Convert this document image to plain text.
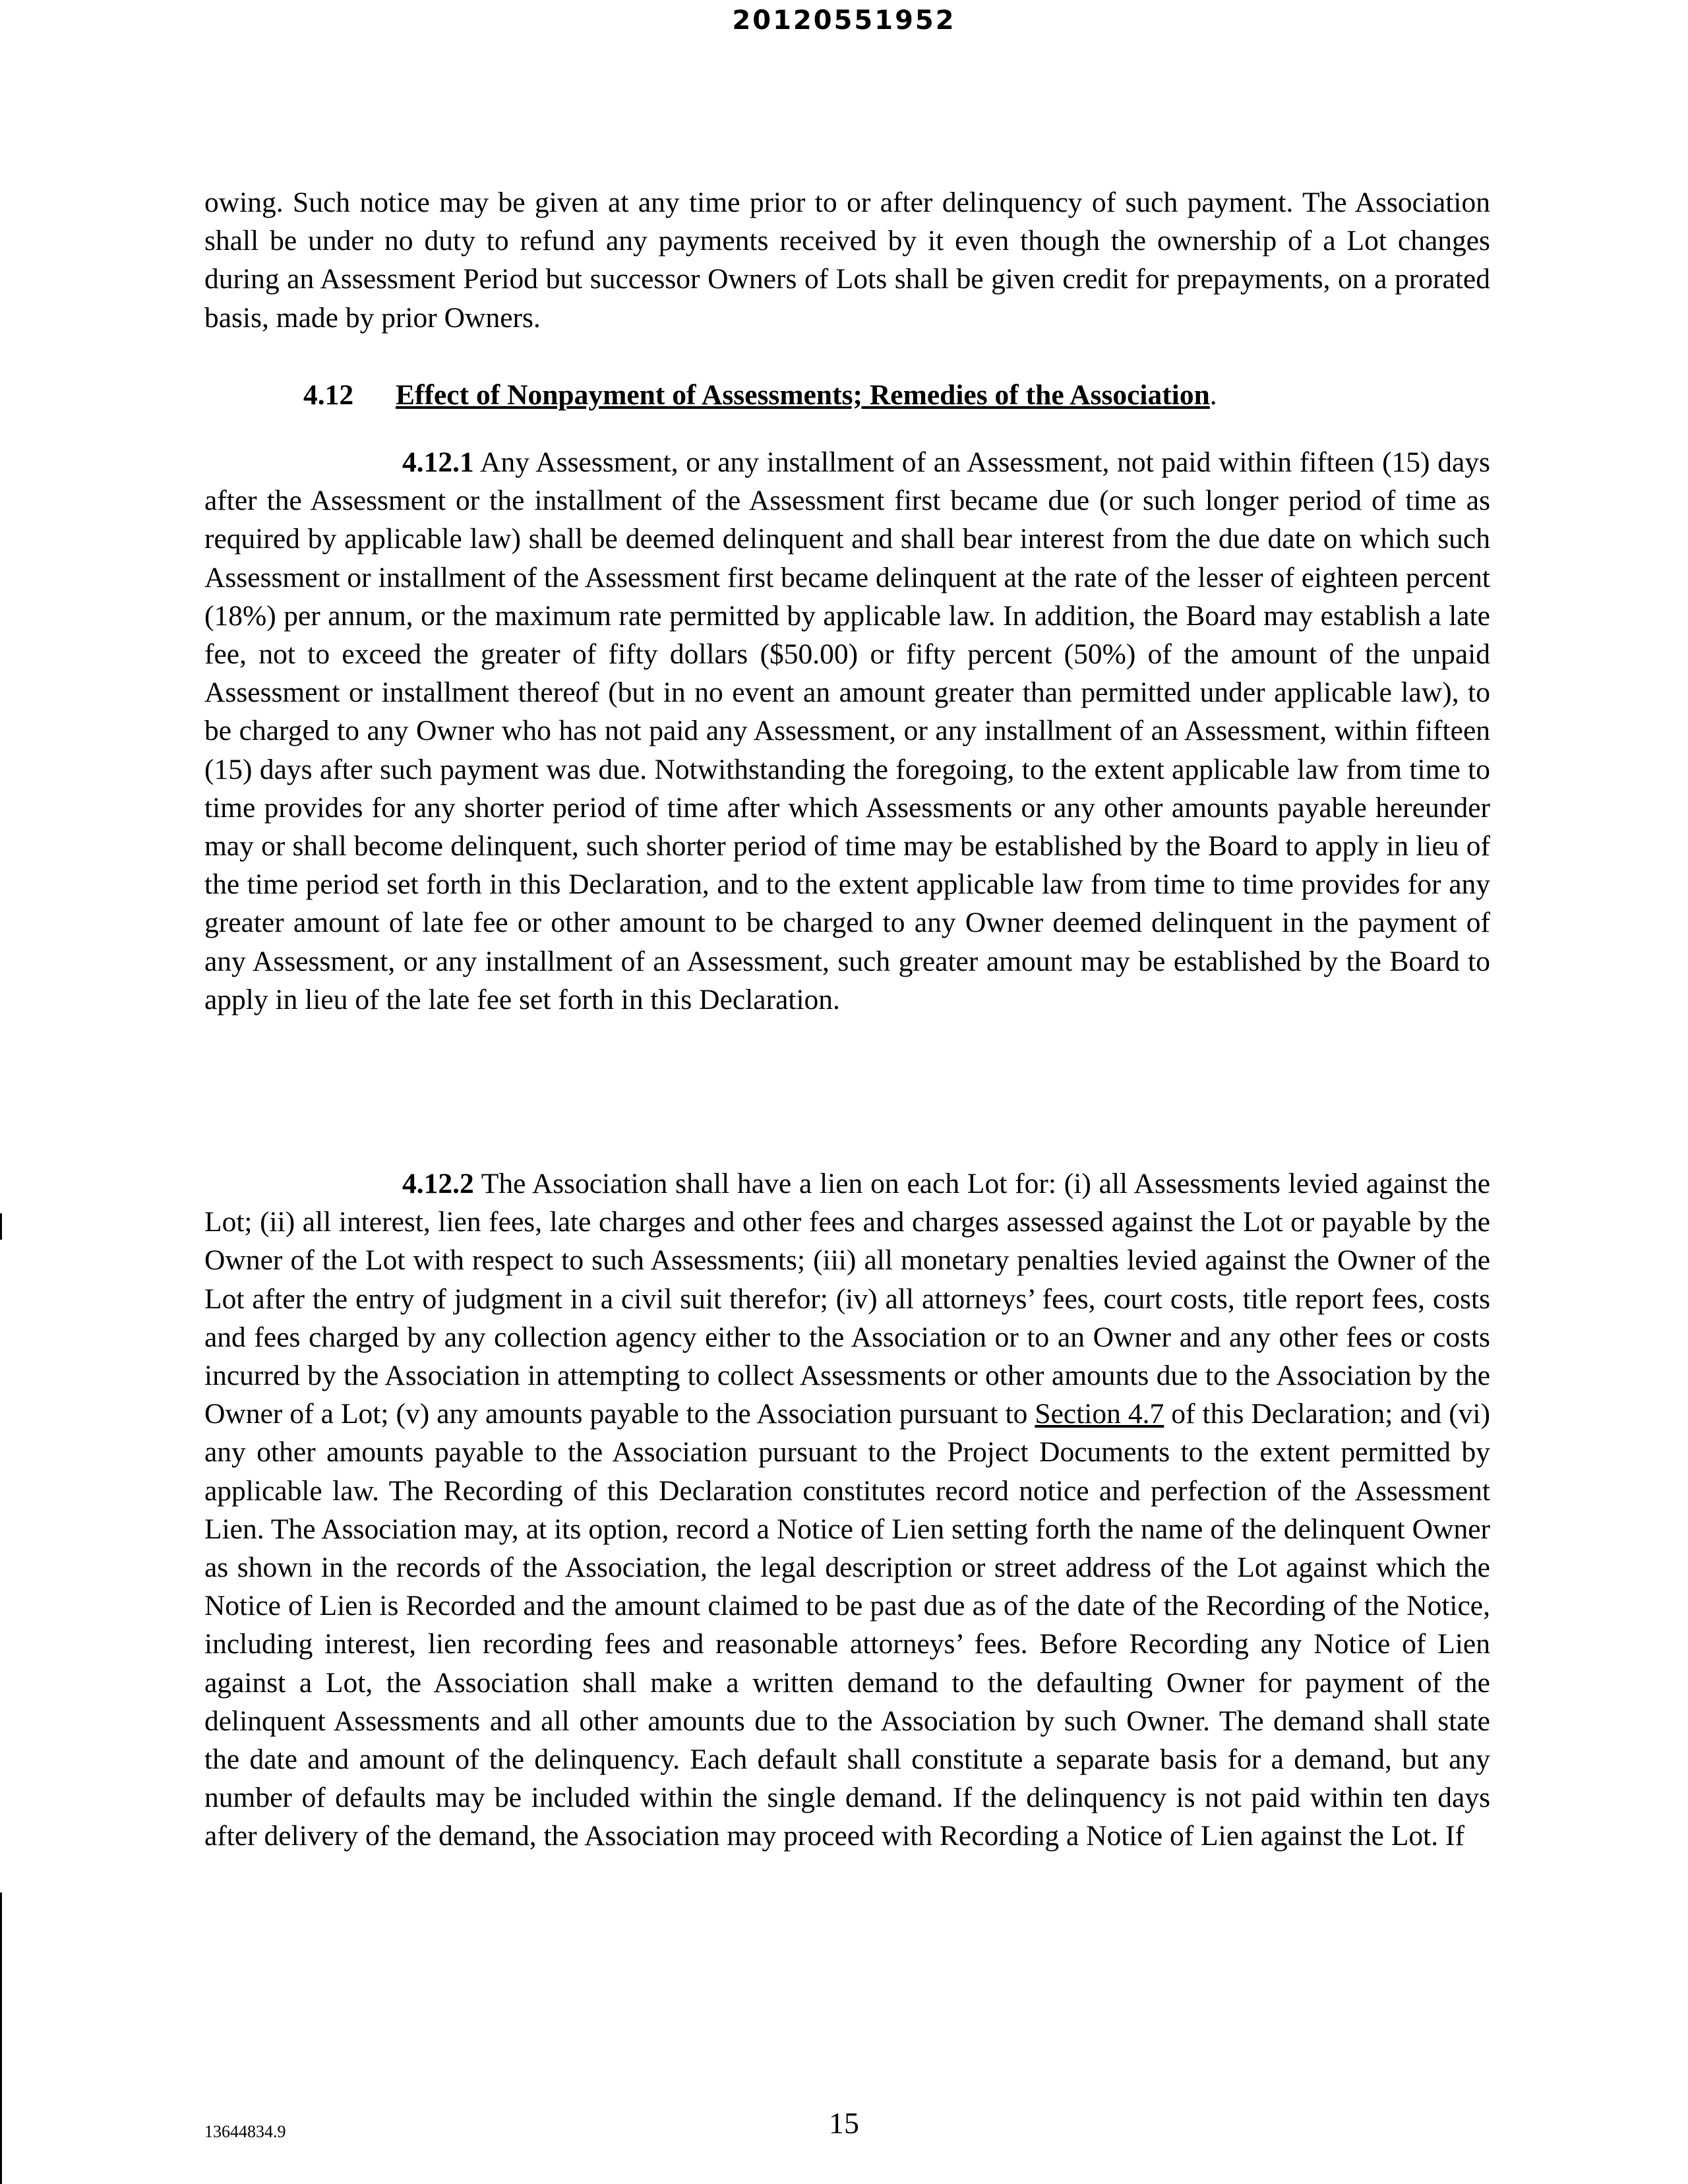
20120551952

owing. Such notice may be given at any time prior to or after delinquency of such payment. The Association shall be under no duty to refund any payments received by it even though the ownership of a Lot changes during an Assessment Period but successor Owners of Lots shall be given credit for prepayments, on a prorated basis, made by prior Owners.

4.12 Effect of Nonpayment of Assessments; Remedies of the Association.

4.12.1 Any Assessment, or any installment of an Assessment, not paid within fifteen (15) days after the Assessment or the installment of the Assessment first became due (or such longer period of time as required by applicable law) shall be deemed delinquent and shall bear interest from the due date on which such Assessment or installment of the Assessment first became delinquent at the rate of the lesser of eighteen percent (18%) per annum, or the maximum rate permitted by applicable law. In addition, the Board may establish a late fee, not to exceed the greater of fifty dollars ($50.00) or fifty percent (50%) of the amount of the unpaid Assessment or installment thereof (but in no event an amount greater than permitted under applicable law), to be charged to any Owner who has not paid any Assessment, or any installment of an Assessment, within fifteen (15) days after such payment was due. Notwithstanding the foregoing, to the extent applicable law from time to time provides for any shorter period of time after which Assessments or any other amounts payable hereunder may or shall become delinquent, such shorter period of time may be established by the Board to apply in lieu of the time period set forth in this Declaration, and to the extent applicable law from time to time provides for any greater amount of late fee or other amount to be charged to any Owner deemed delinquent in the payment of any Assessment, or any installment of an Assessment, such greater amount may be established by the Board to apply in lieu of the late fee set forth in this Declaration.

4.12.2 The Association shall have a lien on each Lot for: (i) all Assessments levied against the Lot; (ii) all interest, lien fees, late charges and other fees and charges assessed against the Lot or payable by the Owner of the Lot with respect to such Assessments; (iii) all monetary penalties levied against the Owner of the Lot after the entry of judgment in a civil suit therefor; (iv) all attorneys’ fees, court costs, title report fees, costs and fees charged by any collection agency either to the Association or to an Owner and any other fees or costs incurred by the Association in attempting to collect Assessments or other amounts due to the Association by the Owner of a Lot; (v) any amounts payable to the Association pursuant to Section 4.7 of this Declaration; and (vi) any other amounts payable to the Association pursuant to the Project Documents to the extent permitted by applicable law. The Recording of this Declaration constitutes record notice and perfection of the Assessment Lien. The Association may, at its option, record a Notice of Lien setting forth the name of the delinquent Owner as shown in the records of the Association, the legal description or street address of the Lot against which the Notice of Lien is Recorded and the amount claimed to be past due as of the date of the Recording of the Notice, including interest, lien recording fees and reasonable attorneys’ fees. Before Recording any Notice of Lien against a Lot, the Association shall make a written demand to the defaulting Owner for payment of the delinquent Assessments and all other amounts due to the Association by such Owner. The demand shall state the date and amount of the delinquency. Each default shall constitute a separate basis for a demand, but any number of defaults may be included within the single demand. If the delinquency is not paid within ten days after delivery of the demand, the Association may proceed with Recording a Notice of Lien against the Lot. If

13644834.9	15
